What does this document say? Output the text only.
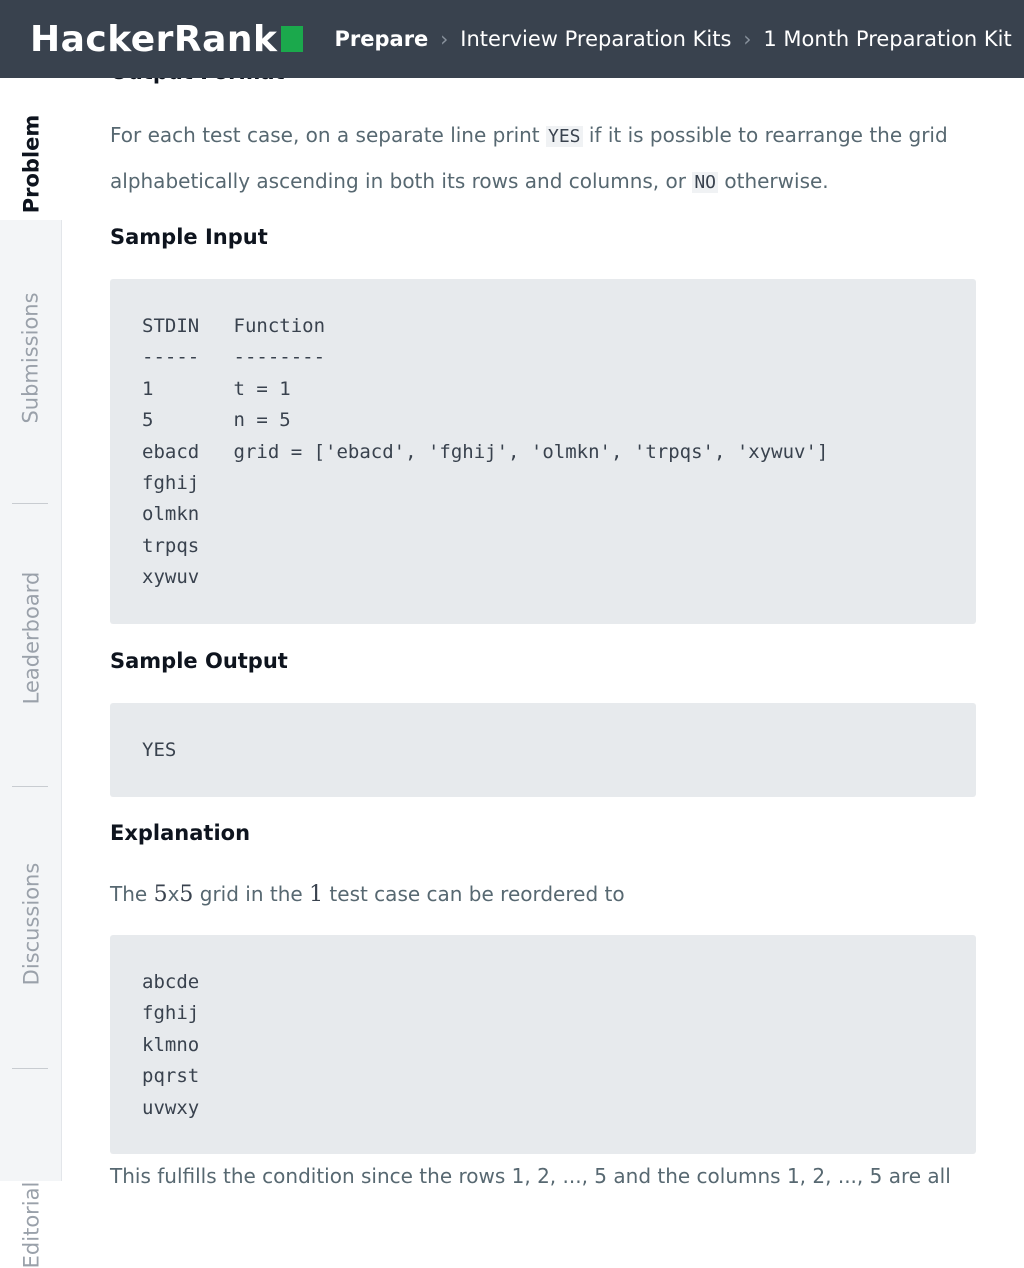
HackerRank	Prepare › Interview Preparation Kits › 1 Month Preparation Kit
Problem
Submissions
Leaderboard
Discussions
Editorial

For each test case, on a separate line print YES if it is possible to rearrange the grid alphabetically ascending in both its rows and columns, or NO otherwise.

Sample Input
STDIN   Function
-----   --------
1       t = 1
5       n = 5
ebacd   grid = ['ebacd', 'fghij', 'olmkn', 'trpqs', 'xywuv']
fghij
olmkn
trpqs
xywuv
Sample Output
YES
Explanation

The 5x5 grid in the 1 test case can be reordered to

abcde
fghij
klmno
pqrst
uvwxy
This fulfills the condition since the rows 1, 2, ..., 5 and the columns 1, 2, ..., 5 are all
